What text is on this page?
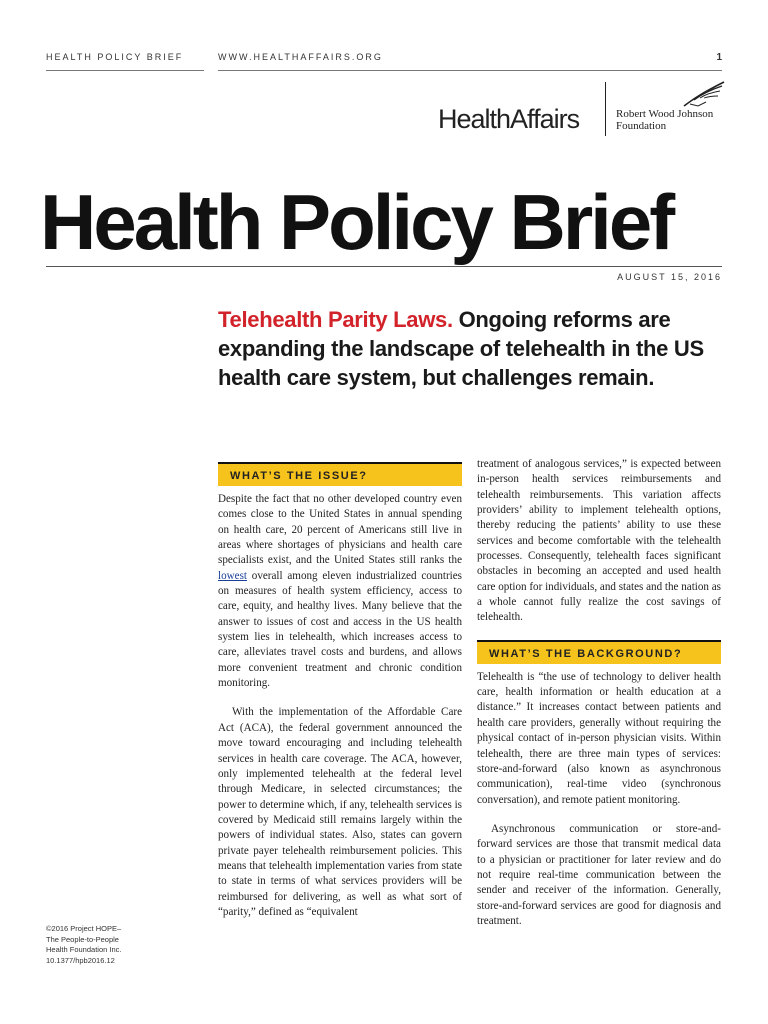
HEALTH POLICY BRIEF	WWW.HEALTHAFFAIRS.ORG	1
HealthAffairs	Robert Wood Johnson
Foundation
Health Policy Brief
AUGUST 15, 2016
Telehealth Parity Laws. Ongoing reforms are expanding the landscape of telehealth in the US health care system, but challenges remain.
WHAT’S THE ISSUE?

Despite the fact that no other developed country even comes close to the United States in annual spending on health care, 20 percent of Americans still live in areas where shortages of physicians and health care specialists exist, and the United States still ranks the lowest overall among eleven industrialized countries on measures of health system efficiency, access to care, equity, and healthy lives. Many believe that the answer to issues of cost and access in the US health system lies in telehealth, which increases access to care, alleviates travel costs and burdens, and allows more convenient treatment and chronic condition monitoring.

With the implementation of the Affordable Care Act (ACA), the federal government announced the move toward encouraging and including telehealth services in health care coverage. The ACA, however, only implemented telehealth at the federal level through Medicare, in selected circumstances; the power to determine which, if any, telehealth services is covered by Medicaid still remains largely within the powers of individual states. Also, states can govern private payer telehealth reimbursement policies. This means that telehealth implementation varies from state to state in terms of what services providers will be reimbursed for delivering, as well as what sort of “parity,” defined as “equivalent

treatment of analogous services,” is expected between in-person health services reimbursements and telehealth reimbursements. This variation affects providers’ ability to implement telehealth options, thereby reducing the patients’ ability to use these services and become comfortable with the telehealth processes. Consequently, telehealth faces significant obstacles in becoming an accepted and used health care option for individuals, and states and the nation as a whole cannot fully realize the cost savings of telehealth.

WHAT’S THE BACKGROUND?

Telehealth is “the use of technology to deliver health care, health information or health education at a distance.” It increases contact between patients and health care providers, generally without requiring the physical contact of in-person physician visits. Within telehealth, there are three main types of services: store-and-forward (also known as asynchronous communication), real-time video (synchronous conversation), and remote patient monitoring.

Asynchronous communication or store-and-forward services are those that transmit medical data to a physician or practitioner for later review and do not require real-time communication between the sender and receiver of the information. Generally, store-and-forward services are good for diagnosis and treatment.

©2016 Project HOPE–
The People-to-People
Health Foundation Inc.
10.1377/hpb2016.12
